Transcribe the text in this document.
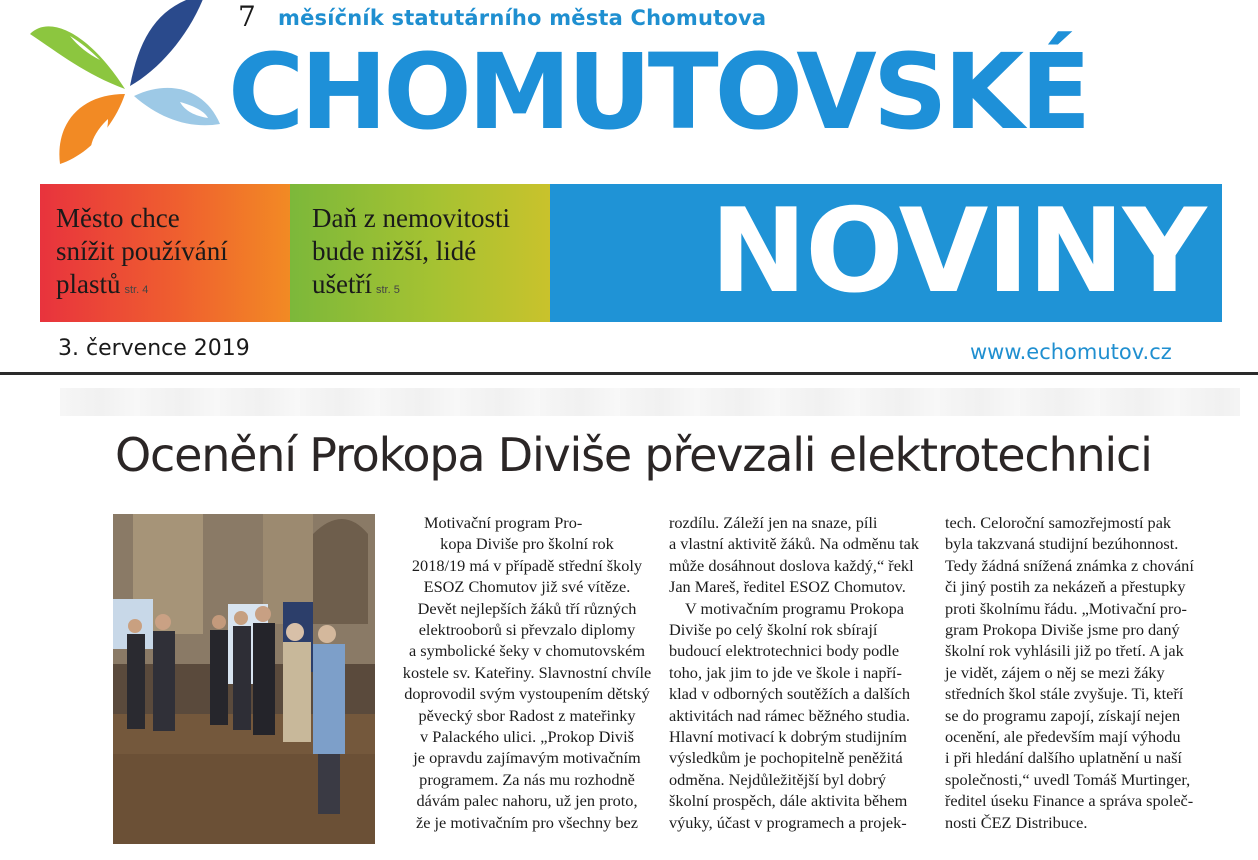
7 měsíčník statutárního města Chomutova
CHOMUTOVSKÉ
Město chce
snížit používání
plastů str. 4
Daň z nemovitosti
bude nižší, lidé
ušetří str. 5	NOVINY
3. července 2019	www.echomutov.cz
Ocenění Prokopa Diviše převzali elektrotechnici

Motivační program Pro-

kopa Diviše pro školní rok

2018/19 má v případě střední školy

ESOZ Chomutov již své vítěze.

Devět nejlepších žáků tří různých

elektrooborů si převzalo diplomy

a symbolické šeky v chomutovském

kostele sv. Kateřiny. Slavnostní chvíle

doprovodil svým vystoupením dětský

pěvecký sbor Radost z mateřinky

v Palackého ulici. „Prokop Diviš

je opravdu zajímavým motivačním

programem. Za nás mu rozhodně

dávám palec nahoru, už jen proto,

že je motivačním pro všechny bez

rozdílu. Záleží jen na snaze, píli

a vlastní aktivitě žáků. Na odměnu tak

může dosáhnout doslova každý,“ řekl

Jan Mareš, ředitel ESOZ Chomutov.

V motivačním programu Prokopa

Diviše po celý školní rok sbírají

budoucí elektrotechnici body podle

toho, jak jim to jde ve škole i napří-

klad v odborných soutěžích a dalších

aktivitách nad rámec běžného studia.

Hlavní motivací k dobrým studijním

výsledkům je pochopitelně peněžitá

odměna. Nejdůležitější byl dobrý

školní prospěch, dále aktivita během

výuky, účast v programech a projek-

tech. Celoroční samozřejmostí pak

byla takzvaná studijní bezúhonnost.

Tedy žádná snížená známka z chování

či jiný postih za nekázeň a přestupky

proti školnímu řádu. „Motivační pro-

gram Prokopa Diviše jsme pro daný

školní rok vyhlásili již po třetí. A jak

je vidět, zájem o něj se mezi žáky

středních škol stále zvyšuje. Ti, kteří

se do programu zapojí, získají nejen

ocenění, ale především mají výhodu

i při hledání dalšího uplatnění u naší

společnosti,“ uvedl Tomáš Murtinger,

ředitel úseku Finance a správa společ-

nosti ČEZ Distribuce.
